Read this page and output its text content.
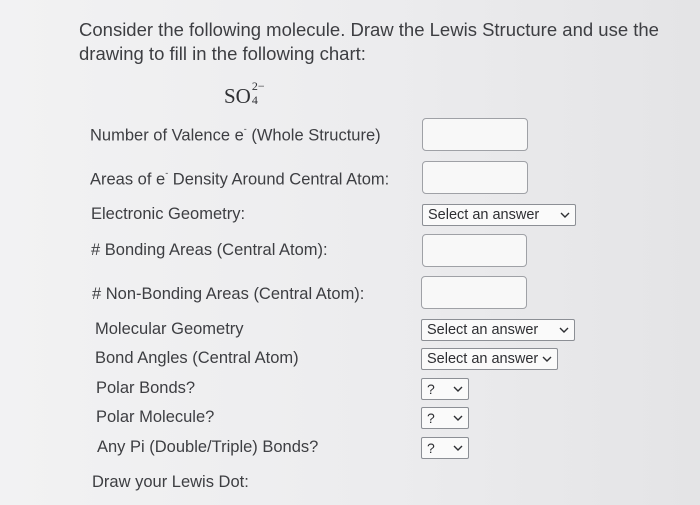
Consider the following molecule. Draw the Lewis Structure and use the drawing to fill in the following chart:
SO 2−
4
Number of Valence e- (Whole Structure)
Areas of e- Density Around Central Atom:
Electronic Geometry:	Select an answer
# Bonding Areas (Central Atom):
# Non-Bonding Areas (Central Atom):
Molecular Geometry	Select an answer
Bond Angles (Central Atom)	Select an answer
Polar Bonds?	?
Polar Molecule?	?
Any Pi (Double/Triple) Bonds?	?
Draw your Lewis Dot:
